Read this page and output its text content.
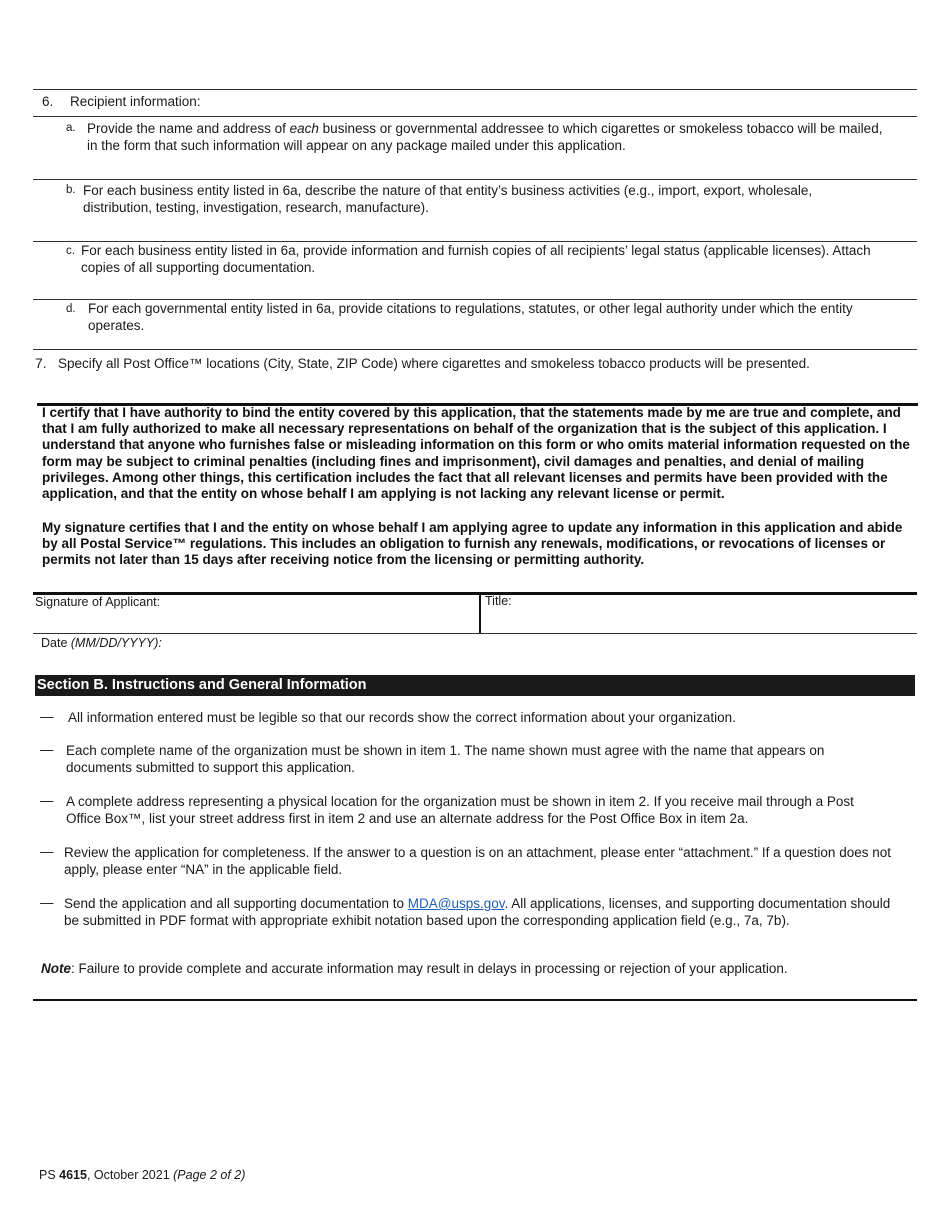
6. Recipient information:
a. Provide the name and address of each business or governmental addressee to which cigarettes or smokeless tobacco will be mailed, in the form that such information will appear on any package mailed under this application.
b. For each business entity listed in 6a, describe the nature of that entity’s business activities (e.g., import, export, wholesale, distribution, testing, investigation, research, manufacture).
c. For each business entity listed in 6a, provide information and furnish copies of all recipients’ legal status (applicable licenses). Attach copies of all supporting documentation.
d. For each governmental entity listed in 6a, provide citations to regulations, statutes, or other legal authority under which the entity operates.
7. Specify all Post Office™ locations (City, State, ZIP Code) where cigarettes and smokeless tobacco products will be presented.
I certify that I have authority to bind the entity covered by this application, that the statements made by me are true and complete, and that I am fully authorized to make all necessary representations on behalf of the organization that is the subject of this application. I understand that anyone who furnishes false or misleading information on this form or who omits material information requested on the form may be subject to criminal penalties (including fines and imprisonment), civil damages and penalties, and denial of mailing privileges. Among other things, this certification includes the fact that all relevant licenses and permits have been provided with the application, and that the entity on whose behalf I am applying is not lacking any relevant license or permit.
My signature certifies that I and the entity on whose behalf I am applying agree to update any information in this application and abide by all Postal Service™ regulations. This includes an obligation to furnish any renewals, modifications, or revocations of licenses or permits not later than 15 days after receiving notice from the licensing or permitting authority.
Signature of Applicant:	Title:
Date (MM/DD/YYYY):
Section B. Instructions and General Information
— All information entered must be legible so that our records show the correct information about your organization.
— Each complete name of the organization must be shown in item 1. The name shown must agree with the name that appears on documents submitted to support this application.
— A complete address representing a physical location for the organization must be shown in item 2. If you receive mail through a Post Office Box™, list your street address first in item 2 and use an alternate address for the Post Office Box in item 2a.
— Review the application for completeness. If the answer to a question is on an attachment, please enter “attachment.” If a question does not apply, please enter “NA” in the applicable field.
— Send the application and all supporting documentation to MDA@usps.gov. All applications, licenses, and supporting documentation should be submitted in PDF format with appropriate exhibit notation based upon the corresponding application field (e.g., 7a, 7b).
Note: Failure to provide complete and accurate information may result in delays in processing or rejection of your application.
PS 4615, October 2021 (Page 2 of 2)
